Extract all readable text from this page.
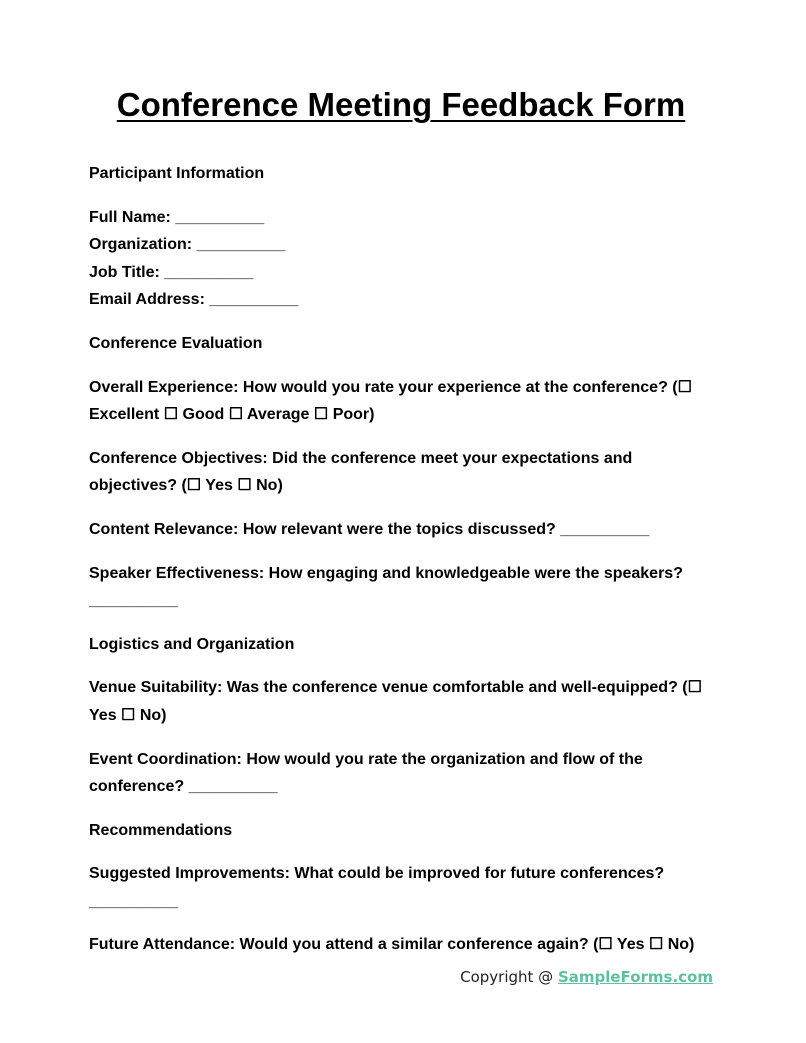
Conference Meeting Feedback Form
Participant Information
Full Name: __________
Organization: __________
Job Title: __________
Email Address: __________
Conference Evaluation
Overall Experience: How would you rate your experience at the conference? (☐ Excellent ☐ Good ☐ Average ☐ Poor)
Conference Objectives: Did the conference meet your expectations and objectives? (☐ Yes ☐ No)
Content Relevance: How relevant were the topics discussed? __________
Speaker Effectiveness: How engaging and knowledgeable were the speakers? __________
Logistics and Organization
Venue Suitability: Was the conference venue comfortable and well-equipped? (☐ Yes ☐ No)
Event Coordination: How would you rate the organization and flow of the conference? __________
Recommendations
Suggested Improvements: What could be improved for future conferences? __________
Future Attendance: Would you attend a similar conference again? (☐ Yes ☐ No)
Copyright @ SampleForms.com
